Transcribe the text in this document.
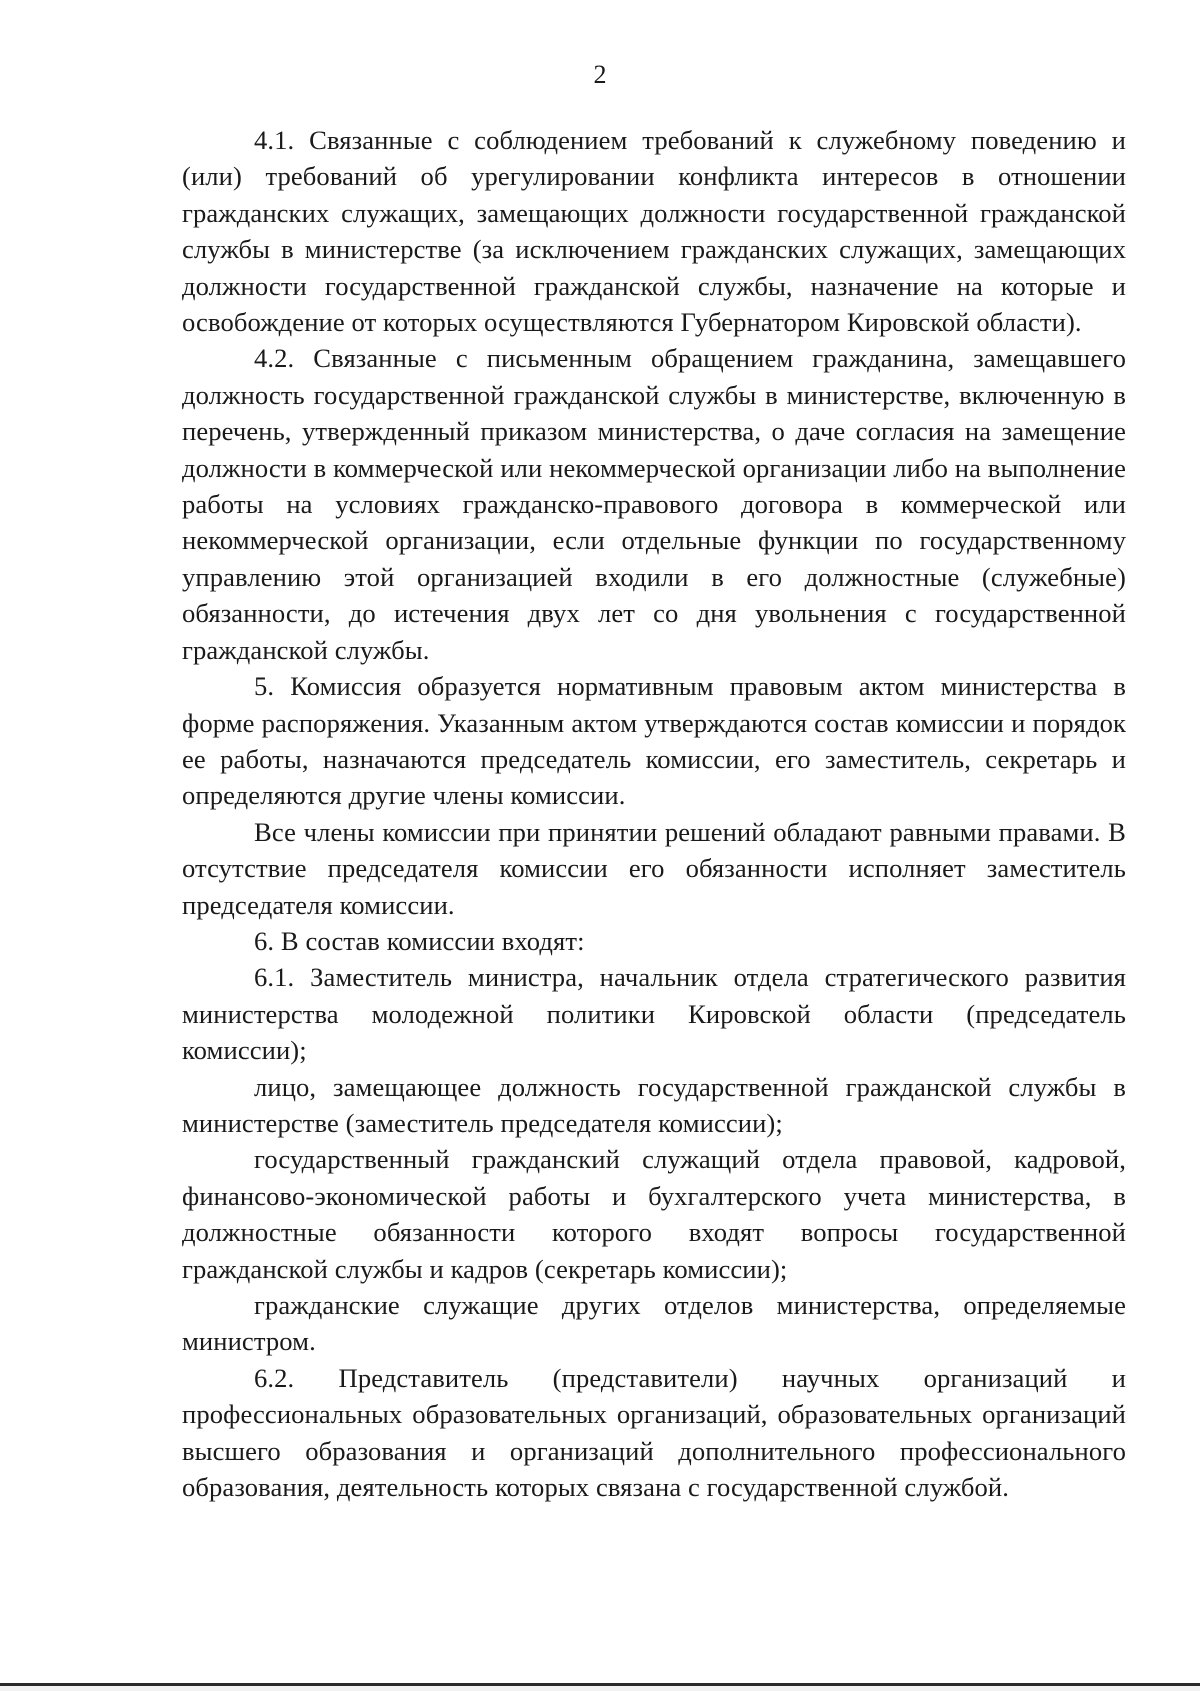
2

4.1. Связанные с соблюдением требований к служебному поведению и (или) требований об урегулировании конфликта интересов в отношении гражданских служащих, замещающих должности государственной гражданской службы в министерстве (за исключением гражданских служащих, замещающих должности государственной гражданской службы, назначение на которые и освобождение от которых осуществляются Губернатором Кировской области).

4.2. Связанные с письменным обращением гражданина, замещавшего должность государственной гражданской службы в министерстве, включенную в перечень, утвержденный приказом министерства, о даче согласия на замещение должности в коммерческой или некоммерческой организации либо на выполнение работы на условиях гражданско-правового договора в коммерческой или некоммерческой организации, если отдельные функции по государственному управлению этой организацией входили в его должностные (служебные) обязанности, до истечения двух лет со дня увольнения с государственной гражданской службы.

5. Комиссия образуется нормативным правовым актом министерства в форме распоряжения. Указанным актом утверждаются состав комиссии и порядок ее работы, назначаются председатель комиссии, его заместитель, секретарь и определяются другие члены комиссии.

Все члены комиссии при принятии решений обладают равными правами. В отсутствие председателя комиссии его обязанности исполняет заместитель председателя комиссии.

6. В состав комиссии входят:

6.1. Заместитель министра, начальник отдела стратегического развития министерства молодежной политики Кировской области (председатель комиссии);

лицо, замещающее должность государственной гражданской службы в министерстве (заместитель председателя комиссии);

государственный гражданский служащий отдела правовой, кадровой, финансово-экономической работы и бухгалтерского учета министерства, в должностные обязанности которого входят вопросы государственной гражданской службы и кадров (секретарь комиссии);

гражданские служащие других отделов министерства, определяемые министром.

6.2. Представитель (представители) научных организаций и профессиональных образовательных организаций, образовательных организаций высшего образования и организаций дополнительного профессионального образования, деятельность которых связана с государственной службой.
